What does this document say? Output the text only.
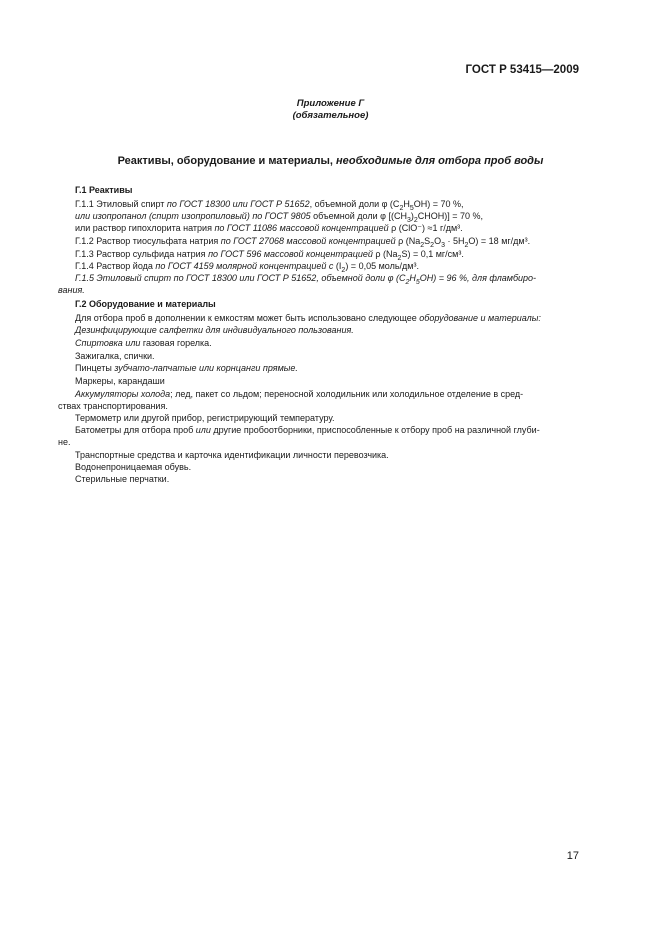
ГОСТ Р 53415—2009
Приложение Г
(обязательное)
Реактивы, оборудование и материалы, необходимые для отбора проб воды
Г.1 Реактивы
Г.1.1 Этиловый спирт по ГОСТ 18300 или ГОСТ Р 51652, объемной доли φ $(C_2H_5OH) = 70$ %,
или изопропанол (спирт изопропиловый) по ГОСТ 9805 объемной доли φ $[(CH_3)_2CHOH)] = 70$ %,
или раствор гипохлорита натрия по ГОСТ 11086 массовой концентрацией ρ (ClO⁻) ≈1 г/дм³.
Г.1.2 Раствор тиосульфата натрия по ГОСТ 27068 массовой концентрацией ρ $(Na_2S_2O_3 \cdot 5H_2O) = 18$ мг/дм³.
Г.1.3 Раствор сульфида натрия по ГОСТ 596 массовой концентрацией ρ $(Na_2S) = 0,1$ мг/см³.
Г.1.4 Раствор йода по ГОСТ 4159 молярной концентрацией с $(I_2) = 0,05$ моль/дм³.
Г.1.5 Этиловый спирт по ГОСТ 18300 или ГОСТ Р 51652, объемной доли φ $(C_2H_5OH) = 96$ %, для фламбиро-
вания.
Г.2 Оборудование и материалы
Для отбора проб в дополнении к емкостям может быть использовано следующее оборудование и материалы:
Дезинфицирующие салфетки для индивидуального пользования.
Спиртовка или газовая горелка.
Зажигалка, спички.
Пинцеты зубчато-лапчатые или корнцанги прямые.
Маркеры, карандаши
Аккумуляторы холода; лед, пакет со льдом; переносной холодильник или холодильное отделение в сред-
ствах транспортирования.
Термометр или другой прибор, регистрирующий температуру.
Батометры для отбора проб или другие пробоотборники, приспособленные к отбору проб на различной глуби-
не.
Транспортные средства и карточка идентификации личности перевозчика.
Водонепроницаемая обувь.
Стерильные перчатки.
17
